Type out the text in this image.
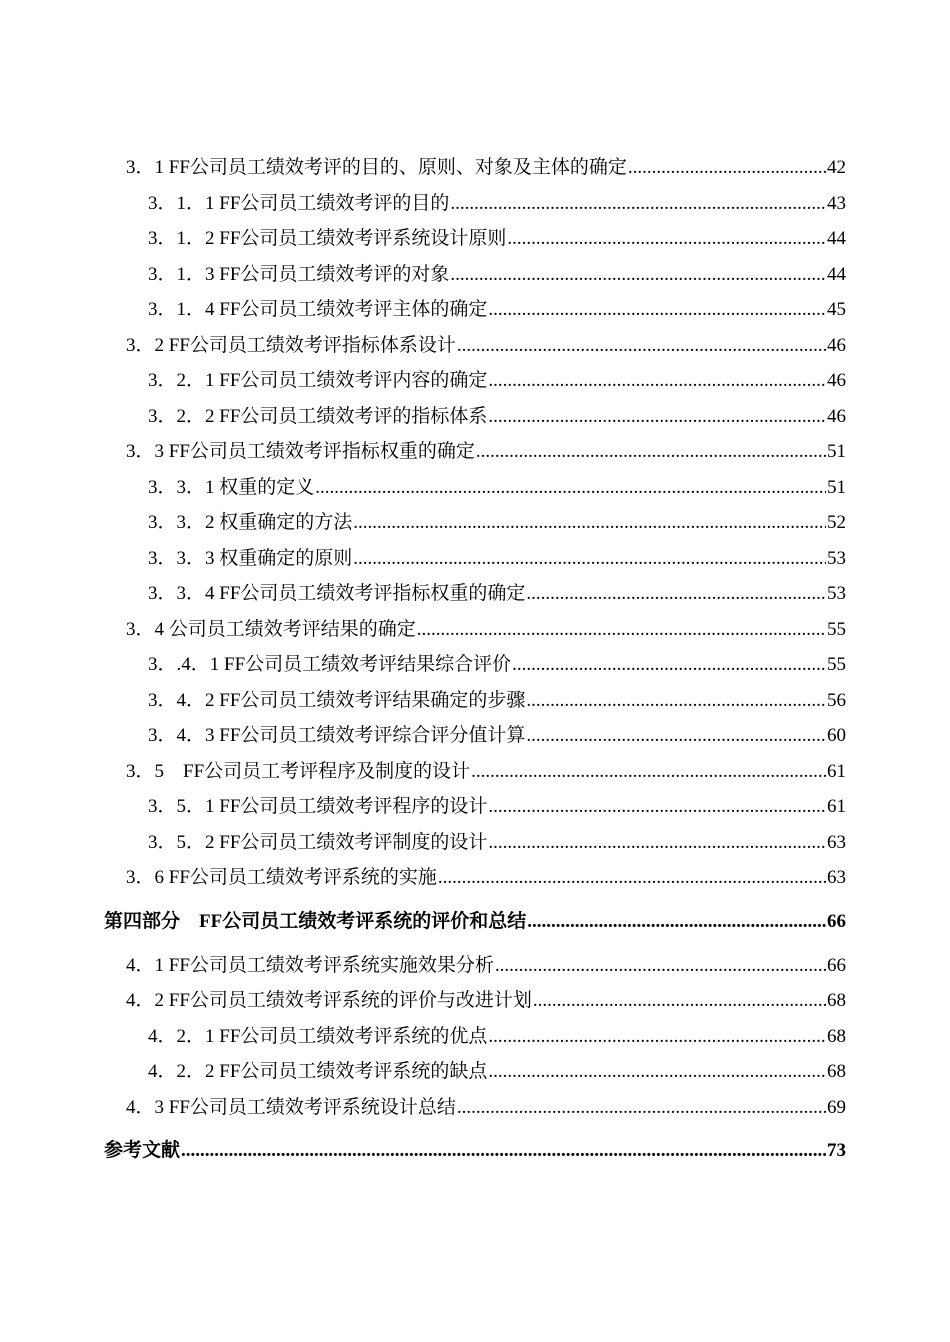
3．1 FF公司员工绩效考评的目的、原则、对象及主体的确定 .....	42
3．1．1 FF公司员工绩效考评的目的 .....	43
3．1．2 FF公司员工绩效考评系统设计原则 .....	44
3．1．3 FF公司员工绩效考评的对象 .....	44
3．1．4 FF公司员工绩效考评主体的确定 .....	45
3．2 FF公司员工绩效考评指标体系设计 .....	46
3．2．1 FF公司员工绩效考评内容的确定 .....	46
3．2．2 FF公司员工绩效考评的指标体系 .....	46
3．3 FF公司员工绩效考评指标权重的确定 .....	51
3．3．1 权重的定义 .....	51
3．3．2 权重确定的方法 .....	52
3．3．3 权重确定的原则 .....	53
3．3．4 FF公司员工绩效考评指标权重的确定 .....	53
3．4 公司员工绩效考评结果的确定 .....	55
3．.4．1 FF公司员工绩效考评结果综合评价 .....	55
3．4．2 FF公司员工绩效考评结果确定的步骤 .....	56
3．4．3 FF公司员工绩效考评综合评分值计算 .....	60
3．5　FF公司员工考评程序及制度的设计 .....	61
3．5．1 FF公司员工绩效考评程序的设计 .....	61
3．5．2 FF公司员工绩效考评制度的设计 .....	63
3．6 FF公司员工绩效考评系统的实施 .....	63
第四部分　FF公司员工绩效考评系统的评价和总结 .....	66
4．1 FF公司员工绩效考评系统实施效果分析 .....	66
4．2 FF公司员工绩效考评系统的评价与改进计划 .....	68
4．2．1 FF公司员工绩效考评系统的优点 .....	68
4．2．2 FF公司员工绩效考评系统的缺点 .....	68
4．3 FF公司员工绩效考评系统设计总结 .....	69
参考文献 .....	73
